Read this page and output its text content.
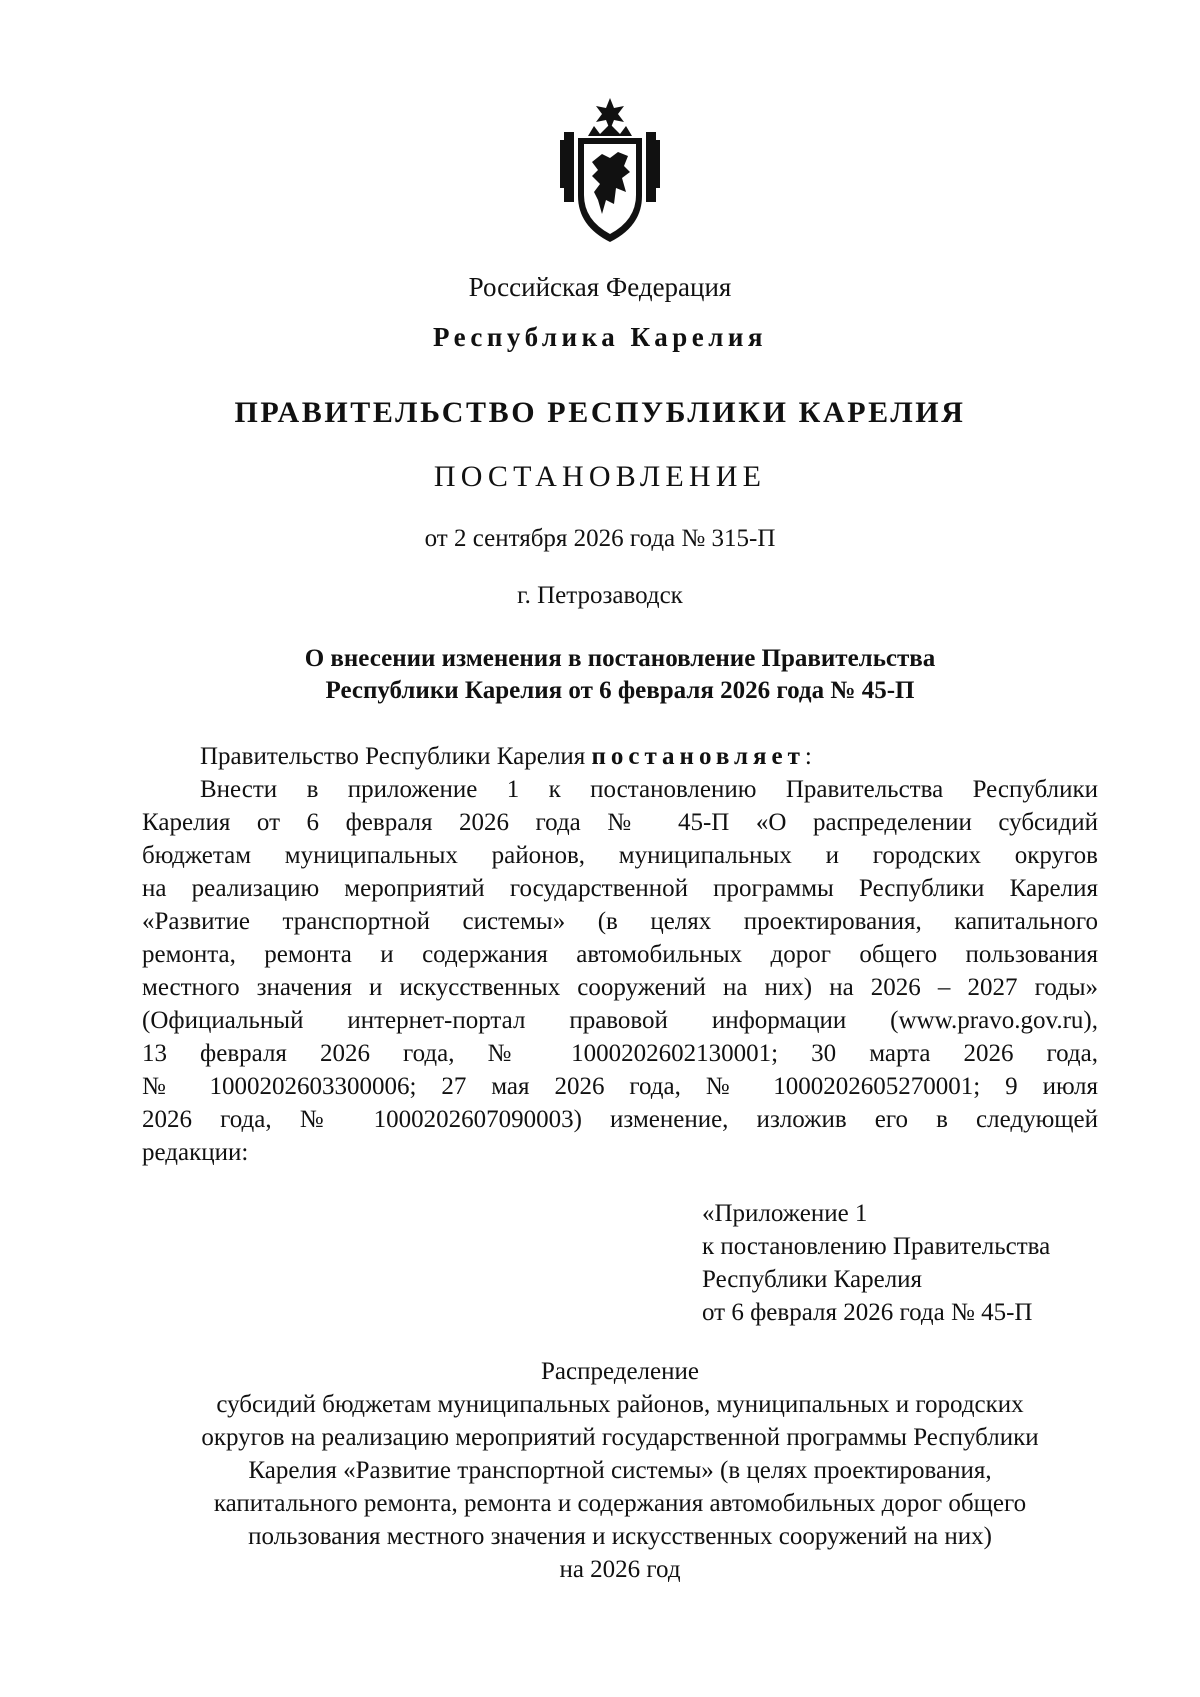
Российская Федерация
Республика Карелия
ПРАВИТЕЛЬСТВО РЕСПУБЛИКИ КАРЕЛИЯ
ПОСТАНОВЛЕНИЕ
от 2 сентября 2026 года № 315-П
г. Петрозаводск
О внесении изменения в постановление Правительства
Республики Карелия от 6 февраля 2026 года № 45-П
Правительство Республики Карелия постановляет:
Внести в приложение 1 к постановлению Правительства Республики
Карелия от 6 февраля 2026 года № 45-П «О распределении субсидий
бюджетам муниципальных районов, муниципальных и городских округов
на реализацию мероприятий государственной программы Республики Карелия
«Развитие транспортной системы» (в целях проектирования, капитального
ремонта, ремонта и содержания автомобильных дорог общего пользования
местного значения и искусственных сооружений на них) на 2026 – 2027 годы»
(Официальный интернет-портал правовой информации (www.pravo.gov.ru),
13 февраля 2026 года, № 1000202602130001; 30 марта 2026 года,
№ 1000202603300006; 27 мая 2026 года, № 1000202605270001; 9 июля
2026 года, № 1000202607090003) изменение, изложив его в следующей
редакции:
«Приложение 1
к постановлению Правительства
Республики Карелия
от 6 февраля 2026 года № 45-П
Распределение
субсидий бюджетам муниципальных районов, муниципальных и городских
округов на реализацию мероприятий государственной программы Республики
Карелия «Развитие транспортной системы» (в целях проектирования,
капитального ремонта, ремонта и содержания автомобильных дорог общего
пользования местного значения и искусственных сооружений на них)
на 2026 год
